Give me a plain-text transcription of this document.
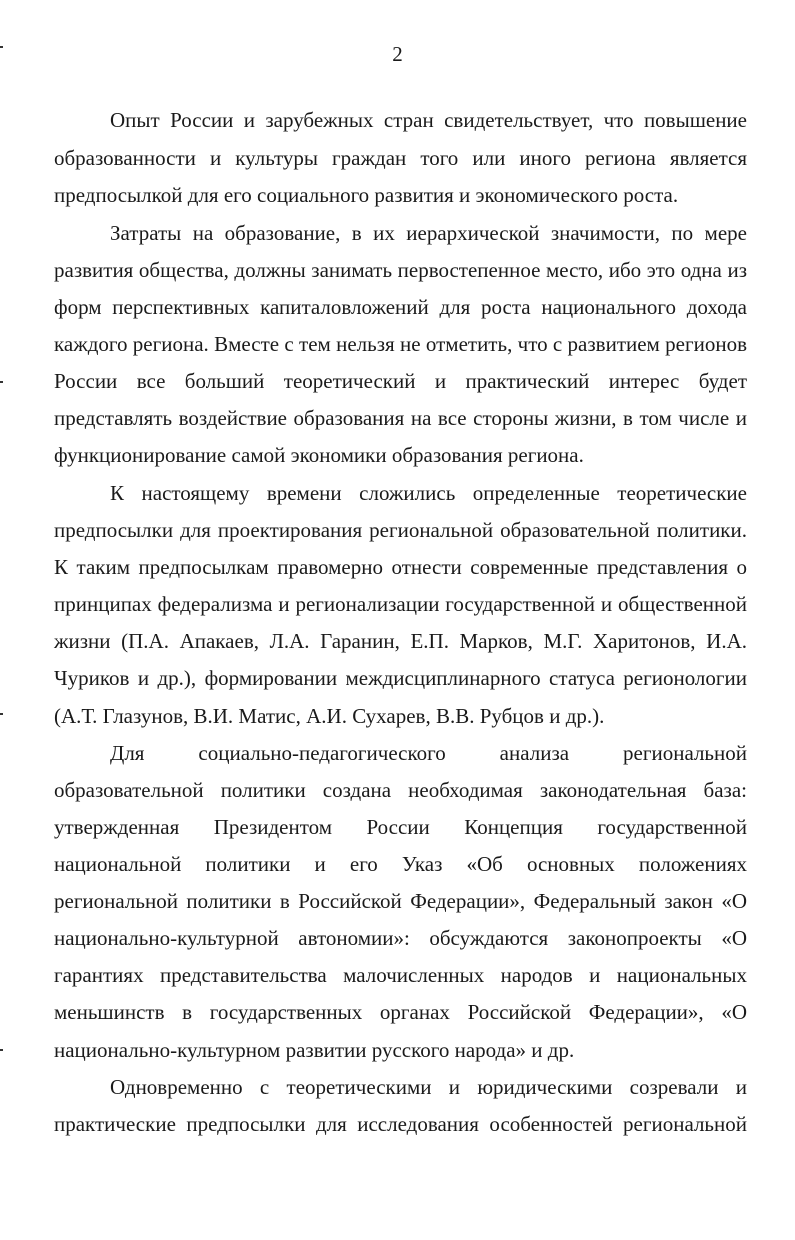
2
Опыт России и зарубежных стран свидетельствует, что повышение
образованности и культуры граждан того или иного региона является
предпосылкой для его социального развития и экономического роста.
Затраты на образование, в их иерархической значимости, по мере
развития общества, должны занимать первостепенное место, ибо это одна из
форм перспективных капиталовложений для роста национального дохода
каждого региона. Вместе с тем нельзя не отметить, что с развитием регионов
России все больший теоретический и практический интерес будет
представлять воздействие образования на все стороны жизни, в том числе и
функционирование самой экономики образования региона.
К настоящему времени сложились определенные теоретические
предпосылки для проектирования региональной образовательной политики.
К таким предпосылкам правомерно отнести современные представления о
принципах федерализма и регионализации государственной и общественной
жизни (П.А. Апакаев, Л.А. Гаранин, Е.П. Марков, М.Г. Харитонов, И.А.
Чуриков и др.), формировании междисциплинарного статуса регионологии
(А.Т. Глазунов, В.И. Матис, А.И. Сухарев, В.В. Рубцов и др.).
Для социально-педагогического анализа региональной
образовательной политики создана необходимая законодательная база:
утвержденная Президентом России Концепция государственной
национальной политики и его Указ «Об основных положениях
региональной политики в Российской Федерации», Федеральный закон «О
национально-культурной автономии»: обсуждаются законопроекты «О
гарантиях представительства малочисленных народов и национальных
меньшинств в государственных органах Российской Федерации», «О
национально-культурном развитии русского народа» и др.
Одновременно с теоретическими и юридическими созревали и
практические предпосылки для исследования особенностей региональной
